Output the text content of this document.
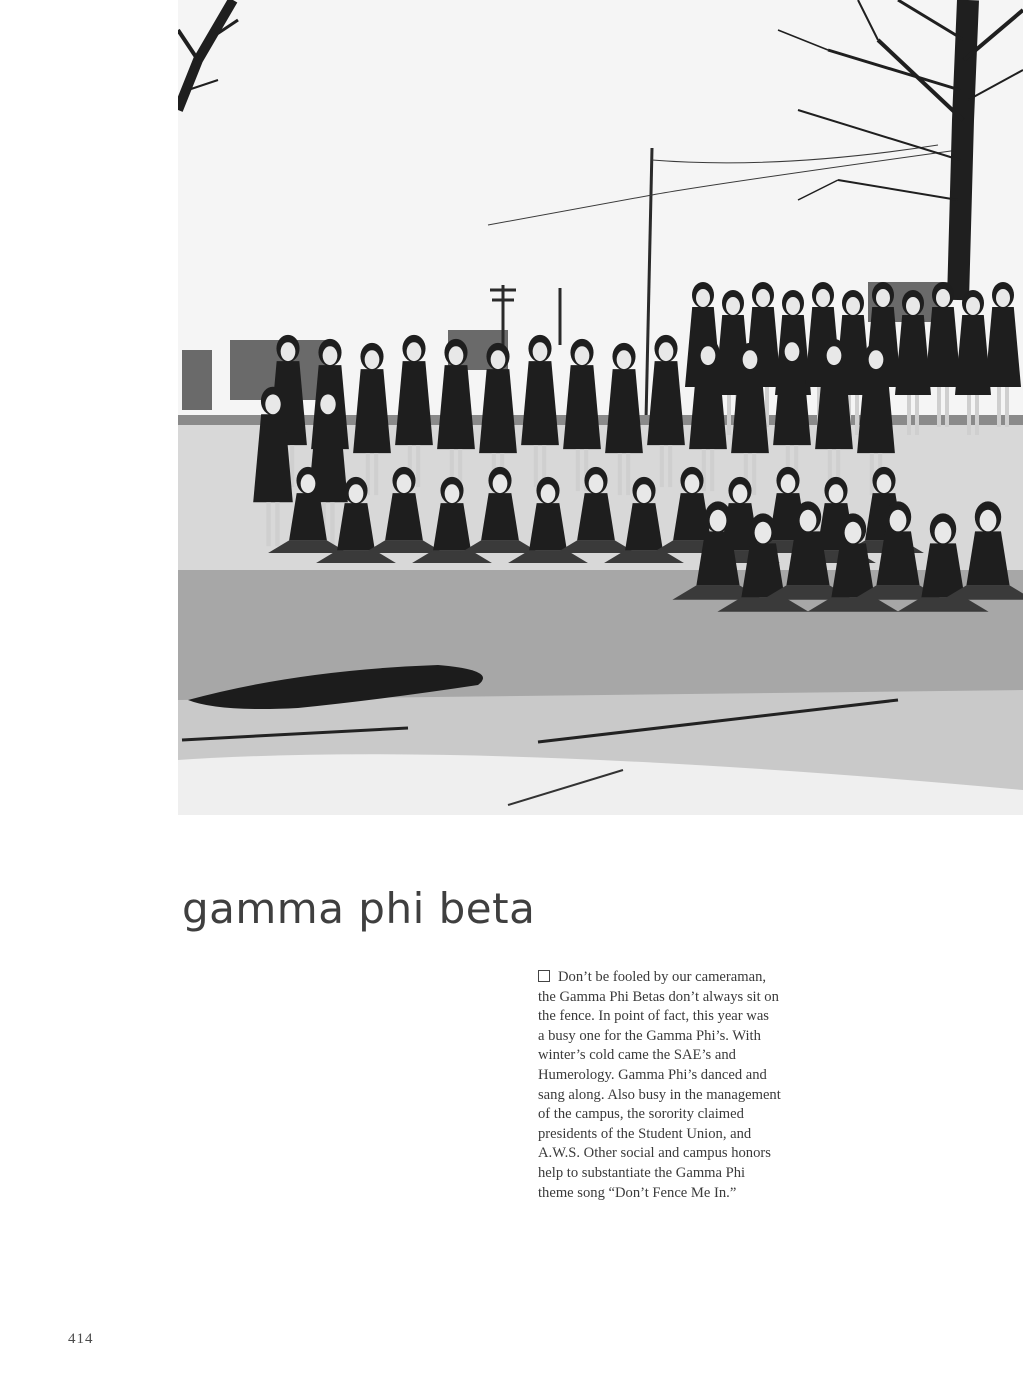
gamma phi beta

Don’t be fooled by our cameraman,
the Gamma Phi Betas don’t always sit on
the fence. In point of fact, this year was
a busy one for the Gamma Phi’s. With
winter’s cold came the SAE’s and
Humerology. Gamma Phi’s danced and
sang along. Also busy in the management
of the campus, the sorority claimed
presidents of the Student Union, and
A.W.S. Other social and campus honors
help to substantiate the Gamma Phi
theme song “Don’t Fence Me In.”

414
